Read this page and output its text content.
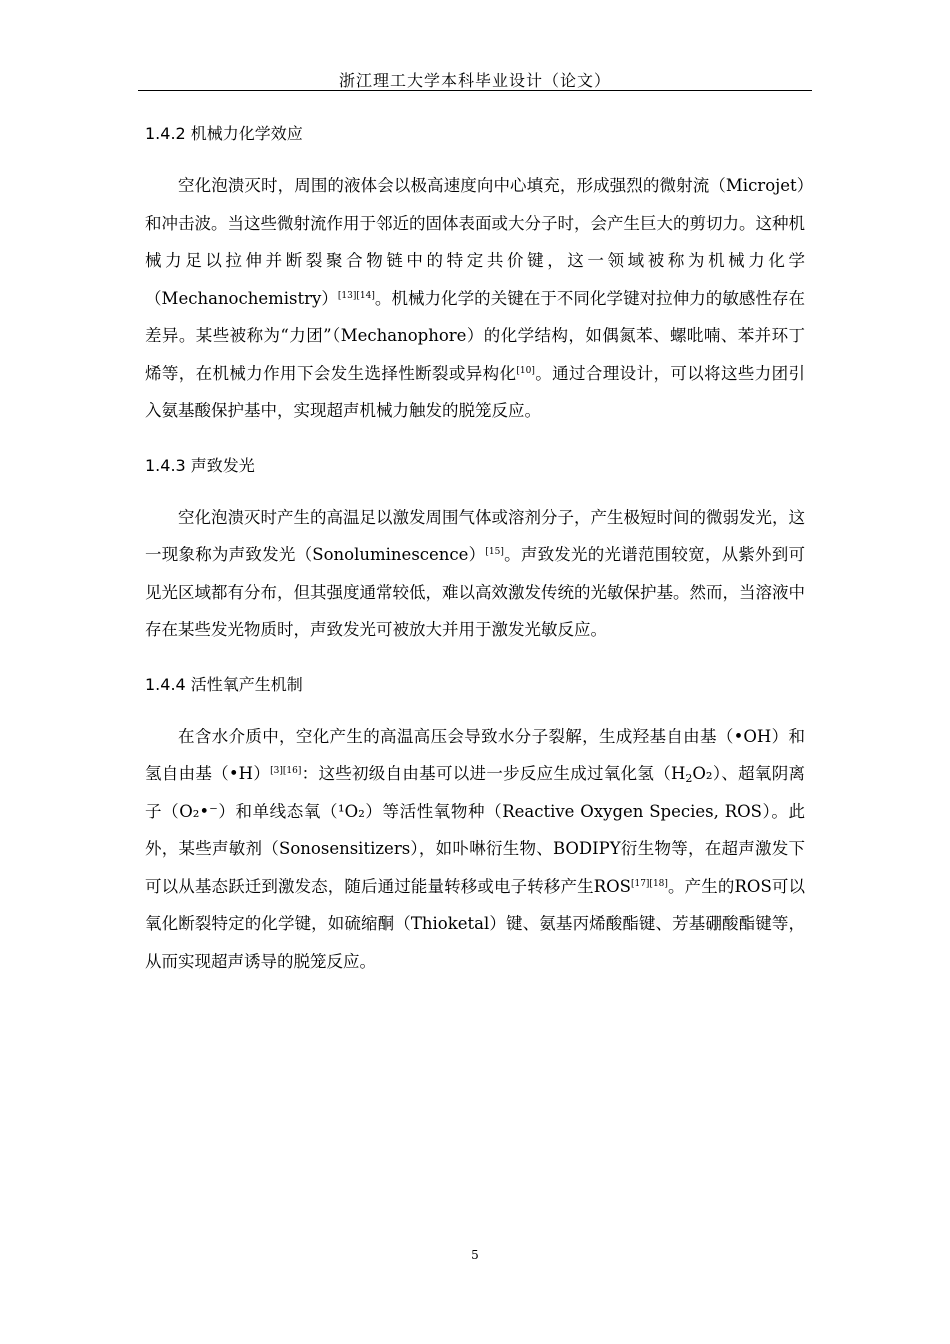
浙江理工大学本科毕业设计（论文）
1.4.2 机械力化学效应

空化泡溃灭时，周围的液体会以极高速度向中心填充，形成强烈的微射流（Microjet）和冲击波。当这些微射流作用于邻近的固体表面或大分子时，会产生巨大的剪切力。这种机械力足以拉伸并断裂聚合物链中的特定共价键，这一领域被称为机械力化学（Mechanochemistry）[13][14]。机械力化学的关键在于不同化学键对拉伸力的敏感性存在差异。某些被称为“力团”（Mechanophore）的化学结构，如偶氮苯、螺吡喃、苯并环丁烯等，在机械力作用下会发生选择性断裂或异构化[10]。通过合理设计，可以将这些力团引入氨基酸保护基中，实现超声机械力触发的脱笼反应。

1.4.3 声致发光

空化泡溃灭时产生的高温足以激发周围气体或溶剂分子，产生极短时间的微弱发光，这一现象称为声致发光（Sonoluminescence）[15]。声致发光的光谱范围较宽，从紫外到可见光区域都有分布，但其强度通常较低，难以高效激发传统的光敏保护基。然而，当溶液中存在某些发光物质时，声致发光可被放大并用于激发光敏反应。

1.4.4 活性氧产生机制

在含水介质中，空化产生的高温高压会导致水分子裂解，生成羟基自由基（•OH）和氢自由基（•H）[3][16]：这些初级自由基可以进一步反应生成过氧化氢$(H_2O_2)$、超氧阴离子（O₂•⁻）和单线态氧（¹O₂）等活性氧物种（Reactive Oxygen Species, ROS）。此外，某些声敏剂（Sonosensitizers），如卟啉衍生物、BODIPY衍生物等，在超声激发下可以从基态跃迁到激发态，随后通过能量转移或电子转移产生ROS[17][18]。产生的ROS可以氧化断裂特定的化学键，如硫缩酮（Thioketal）键、氨基丙烯酸酯键、芳基硼酸酯键等，从而实现超声诱导的脱笼反应。

5
